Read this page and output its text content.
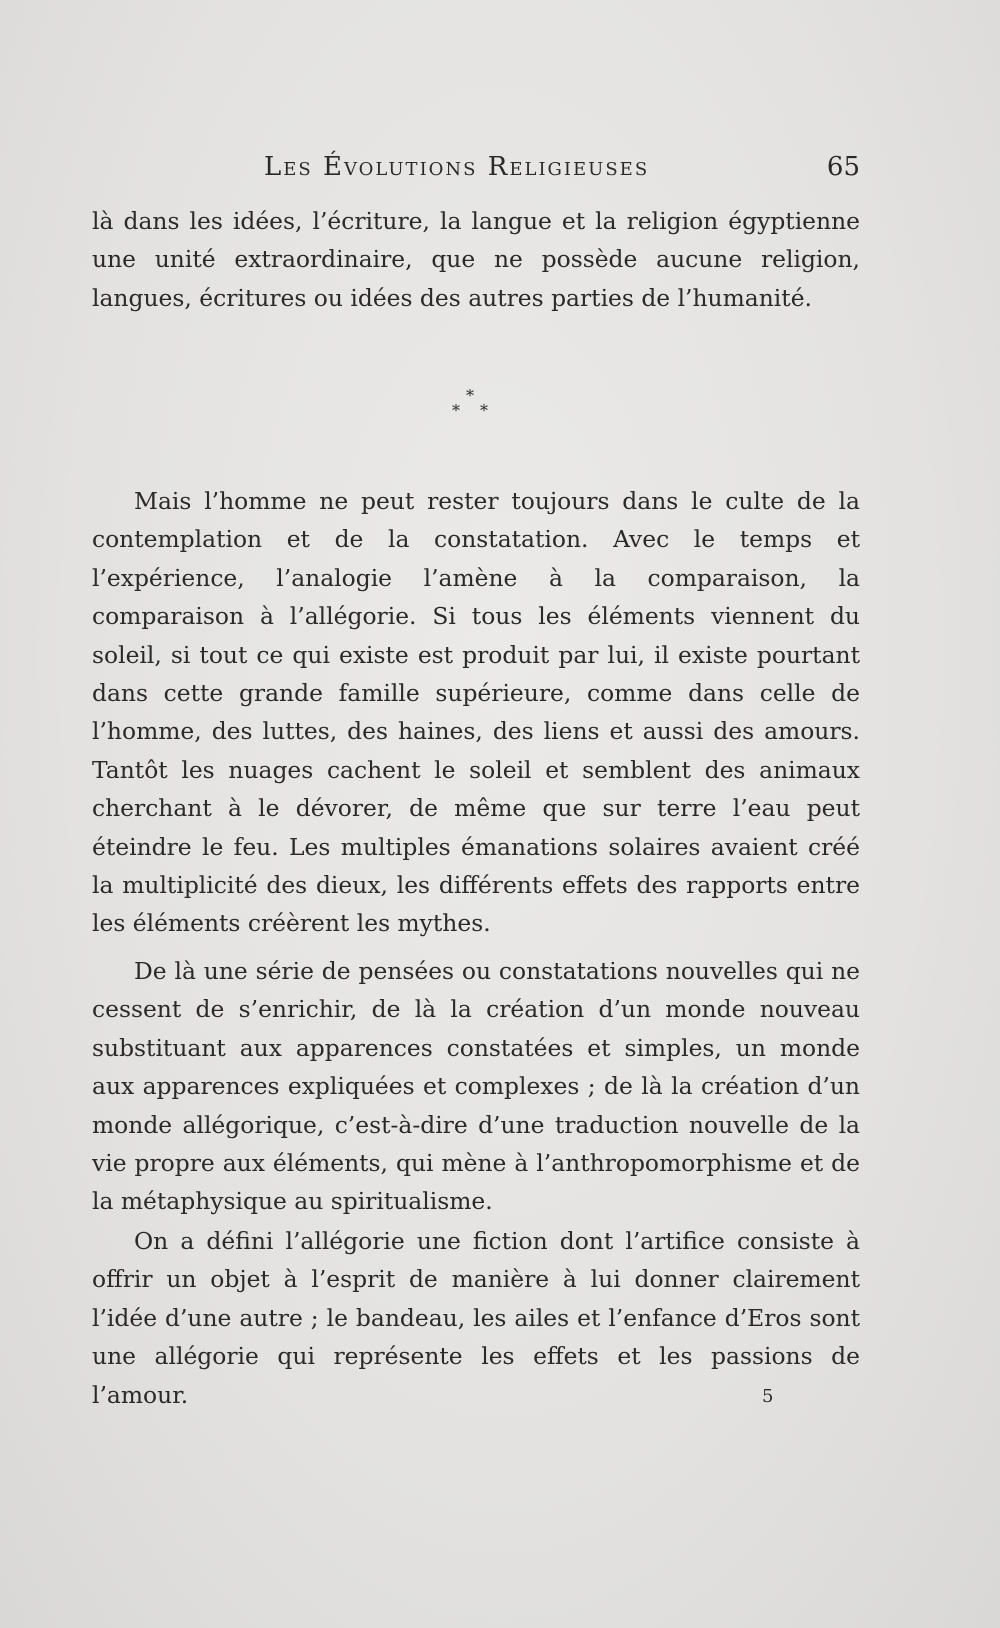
Les Évolutions Religieuses	65

là dans les idées, l’écriture, la langue et la religion égyptienne une unité extraordinaire, que ne possède aucune religion, langues, écritures ou idées des autres parties de l’humanité.

*
* *

Mais l’homme ne peut rester toujours dans le culte de la contemplation et de la constatation. Avec le temps et l’expérience, l’analogie l’amène à la comparaison, la comparaison à l’allégorie. Si tous les éléments viennent du soleil, si tout ce qui existe est produit par lui, il existe pourtant dans cette grande famille supérieure, comme dans celle de l’homme, des luttes, des haines, des liens et aussi des amours. Tantôt les nuages cachent le soleil et semblent des animaux cherchant à le dévorer, de même que sur terre l’eau peut éteindre le feu. Les multiples émanations solaires avaient créé la multiplicité des dieux, les différents effets des rapports entre les éléments créèrent les mythes.

De là une série de pensées ou constatations nouvelles qui ne cessent de s’enrichir, de là la création d’un monde nouveau substituant aux apparences constatées et simples, un monde aux apparences expliquées et complexes ; de là la création d’un monde allégorique, c’est-à-dire d’une traduction nouvelle de la vie propre aux éléments, qui mène à l’anthropomorphisme et de la métaphysique au spiritualisme.

On a défini l’allégorie une fiction dont l’artifice consiste à offrir un objet à l’esprit de manière à lui donner clairement l’idée d’une autre ; le bandeau, les ailes et l’enfance d’Eros sont une allégorie qui représente les effets et les passions de l’amour.	5
